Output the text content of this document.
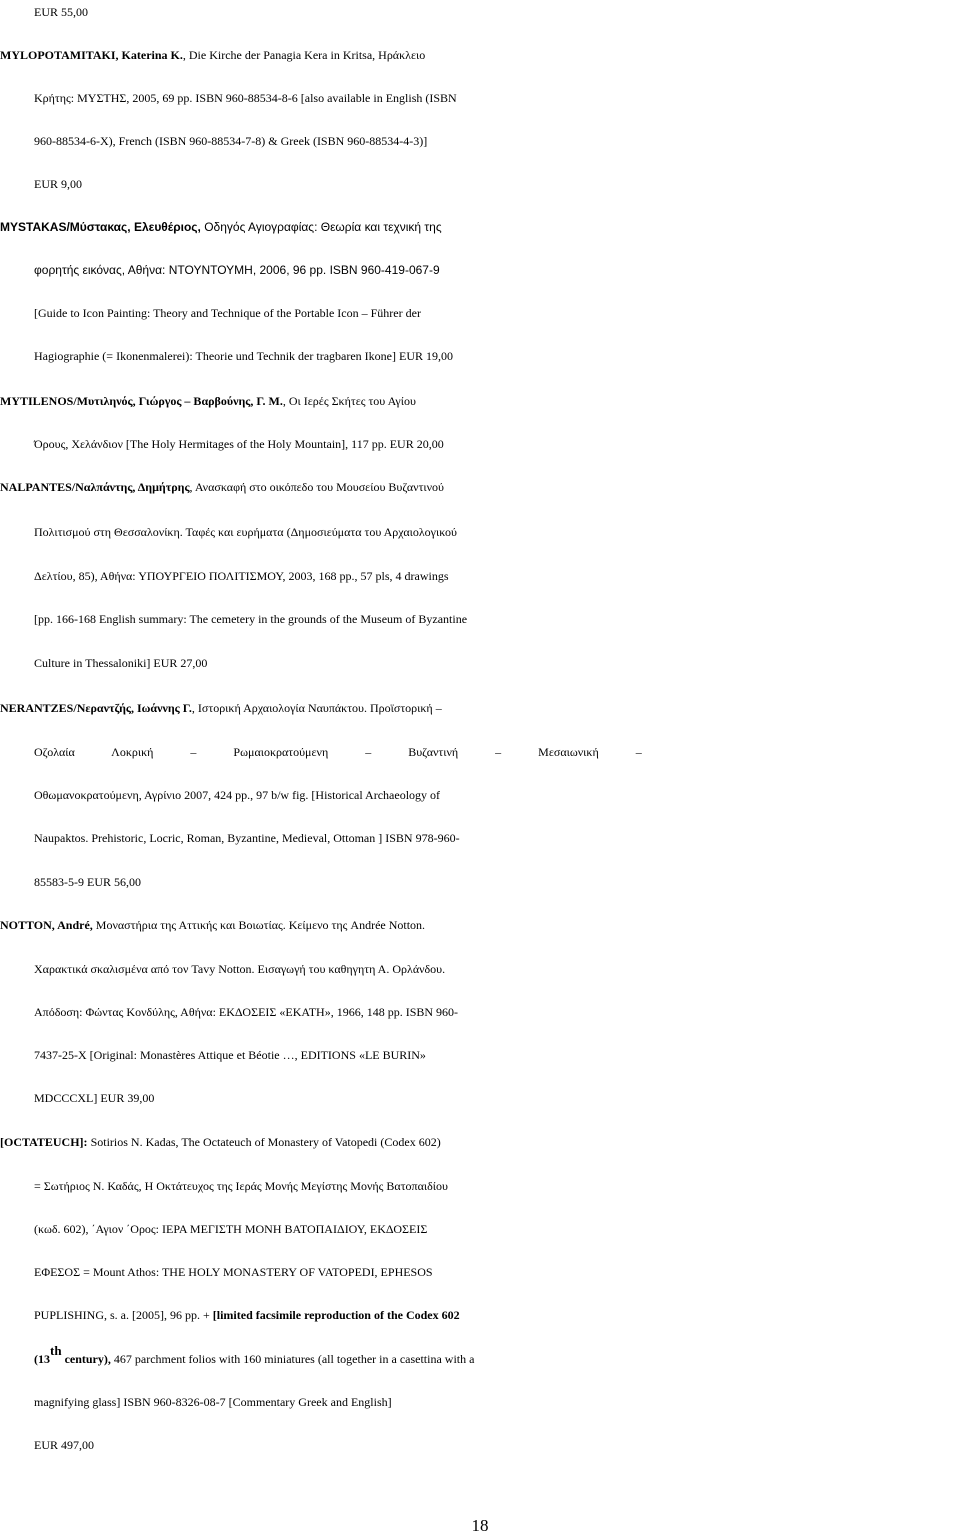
EUR 55,00
MYLOPOTAMITAKI, Katerina K., Die Kirche der Panagia Kera in Kritsa, Ηράκλειο
Κρήτης: ΜΥΣΤΗΣ, 2005, 69 pp. ISBN 960-88534-8-6 [also available in English (ISBN
960-88534-6-X), French (ISBN 960-88534-7-8) & Greek (ISBN 960-88534-4-3)]
EUR 9,00
MYSTAKAS/Μύστακας, Ελευθέριος, Οδηγός Αγιογραφίας: Θεωρία και τεχνική της
φορητής εικόνας, Αθήνα: ΝΤΟΥΝΤΟΥΜΗ, 2006, 96 pp. ISBN 960-419-067-9
[Guide to Icon Painting: Theory and Technique of the Portable Icon – Führer der
Hagiographie (= Ikonenmalerei): Theorie und Technik der tragbaren Ikone] EUR 19,00
MYTILENOS/Μυτιληνός, Γιώργος – Βαρβούνης, Γ. Μ., Οι Ιερές Σκήτες του Αγίου
Όρους, Χελάνδιον [The Holy Hermitages of the Holy Mountain], 117 pp. EUR 20,00
NALPANTES/Ναλπάντης, Δημήτρης, Ανασκαφή στο οικόπεδο του Μουσείου Βυζαντινού
Πολιτισμού στη Θεσσαλονίκη. Ταφές και ευρήματα (Δημοσιεύματα του Αρχαιολογικού
Δελτίου, 85), Αθήνα: ΥΠΟΥΡΓΕΙΟ ΠΟΛΙΤΙΣΜΟΥ, 2003, 168 pp., 57 pls, 4 drawings
[pp. 166-168 English summary: The cemetery in the grounds of the Museum of Byzantine
Culture in Thessaloniki] EUR 27,00
NERANTZES/Νεραντζής, Ιωάννης Γ., Ιστορική Αρχαιολογία Ναυπάκτου. Προϊστορική –
Οζολαία Λοκρική – Ρωμαιοκρατούμενη – Βυζαντινή – Μεσαιωνική –
Οθωμανοκρατούμενη, Αγρίνιο 2007, 424 pp., 97 b/w fig. [Historical Archaeology of
Naupaktos. Prehistoric, Locric, Roman, Byzantine, Medieval, Ottoman ] ISBN 978-960-
85583-5-9 EUR 56,00
NOTTON, André, Μοναστήρια της Αττικής και Βοιωτίας. Κείμενο της Andrée Notton.
Χαρακτικά σκαλισμένα από τον Tavy Notton. Εισαγωγή του καθηγητη Α. Ορλάνδου.
Απόδοση: Φώντας Κονδύλης, Αθήνα: ΕΚΔΟΣΕΙΣ «ΕΚΑΤΗ», 1966, 148 pp. ISBN 960-
7437-25-X [Original: Monastères Attique et Béotie …, EDITIONS «LE BURIN»
MDCCCXL] EUR 39,00
[OCTATEUCH]: Sotirios N. Kadas, The Octateuch of Monastery of Vatopedi (Codex 602)
= Σωτήριος Ν. Καδάς, Η Οκτάτευχος της Ιεράς Μονής Μεγίστης Μονής Βατοπαιδίου
(κωδ. 602), ΄Αγιον ΄Ορος: ΙΕΡΑ ΜΕΓΙΣΤΗ ΜΟΝΗ ΒΑΤΟΠΑΙΔΙΟΥ, ΕΚΔΟΣΕΙΣ
ΕΦΕΣΟΣ = Mount Athos: THE HOLY MONASTERY OF VATOPEDI, EPHESOS
PUPLISHING, s. a. [2005], 96 pp. + [limited facsimile reproduction of the Codex 602
(13th century), 467 parchment folios with 160 miniatures (all together in a casettina with a
magnifying glass] ISBN 960-8326-08-7 [Commentary Greek and English]
EUR 497,00
18
